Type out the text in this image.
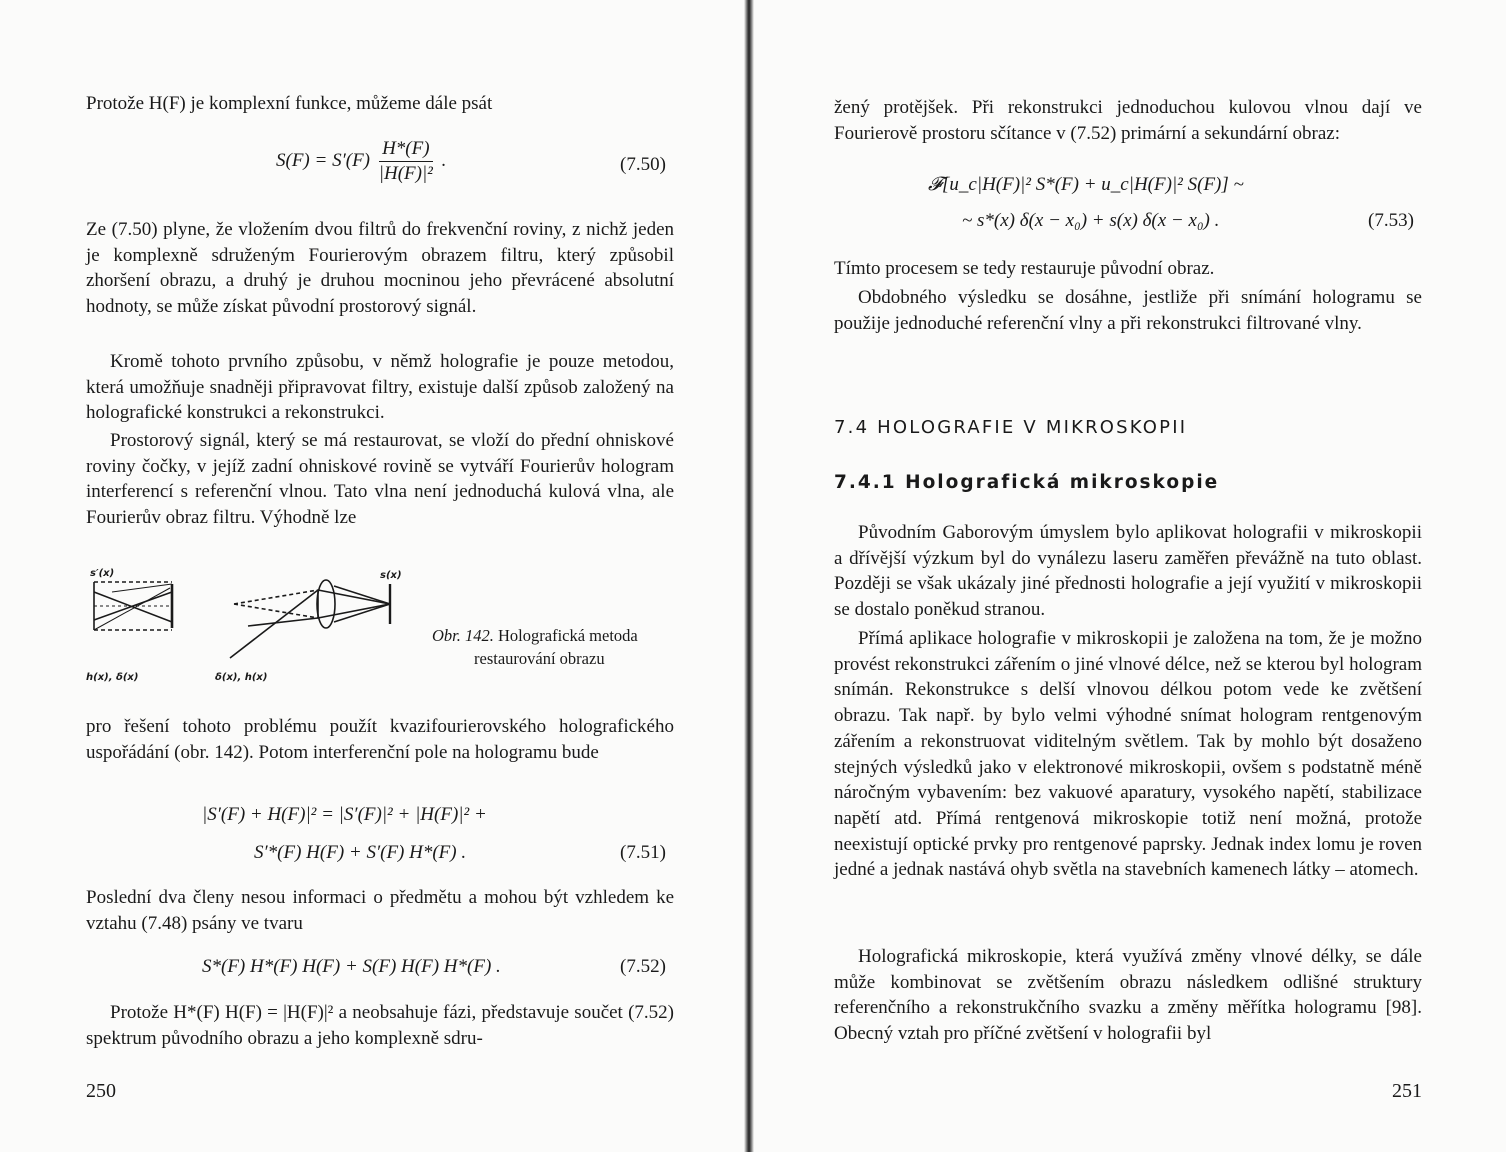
Protože H(F) je komplexní funkce, můžeme dále psát

$S(F) = S'(F) \frac{H*(F)}{\text{|H(F)|²}}$ .	(7.50)

Ze (7.50) plyne, že vložením dvou filtrů do frekvenční roviny, z nichž jeden je komplexně sdruženým Fourierovým obrazem filtru, který způsobil zhoršení obrazu, a druhý je druhou mocninou jeho převrácené absolutní hodnoty, se může získat původní prostorový signál.

Kromě tohoto prvního způsobu, v němž holografie je pouze metodou, která umožňuje snadněji připravovat filtry, existuje další způsob založený na holografické konstrukci a rekonstrukci.

Prostorový signál, který se má restaurovat, se vloží do přední ohniskové roviny čočky, v jejíž zadní ohniskové rovině se vytváří Fourierův hologram interferencí s referenční vlnou. Tato vlna není jednoduchá kulová vlna, ale Fourierův obraz filtru. Výhodně lze

s′(x)	s(x)
h(x), δ(x)	δ(x), h(x)
Obr. 142. Holografická metoda
restaurování obrazu

pro řešení tohoto problému použít kvazifourierovského holografického uspořádání (obr. 142). Potom interferenční pole na hologramu bude

|S′(F) + H(F)|² = |S′(F)|² + |H(F)|² +
S′*(F) H(F) + S′(F) H*(F) .	(7.51)

Poslední dva členy nesou informaci o předmětu a mohou být vzhledem ke vztahu (7.48) psány ve tvaru

S*(F) H*(F) H(F) + S(F) H(F) H*(F) .	(7.52)

Protože H*(F) H(F) = |H(F)|² a neobsahuje fázi, představuje součet (7.52) spektrum původního obrazu a jeho komplexně sdru-

250

žený protějšek. Při rekonstrukci jednoduchou kulovou vlnou dají ve Fourierově prostoru sčítance v (7.52) primární a sekundární obraz:

𝓕[u_c|H(F)|² S*(F) + u_c|H(F)|² S(F)] ~
~ s*(x) δ(x − x₀) + s(x) δ(x − x₀) .	(7.53)

Tímto procesem se tedy restauruje původní obraz.

Obdobného výsledku se dosáhne, jestliže při snímání hologramu se použije jednoduché referenční vlny a při rekonstrukci filtrované vlny.

7.4 HOLOGRAFIE V MIKROSKOPII
7.4.1 Holografická mikroskopie

Původním Gaborovým úmyslem bylo aplikovat holografii v mikroskopii a dřívější výzkum byl do vynálezu laseru zaměřen převážně na tuto oblast. Později se však ukázaly jiné přednosti holografie a její využití v mikroskopii se dostalo poněkud stranou.

Přímá aplikace holografie v mikroskopii je založena na tom, že je možno provést rekonstrukci zářením o jiné vlnové délce, než se kterou byl hologram snímán. Rekonstrukce s delší vlnovou délkou potom vede ke zvětšení obrazu. Tak např. by bylo velmi výhodné snímat hologram rentgenovým zářením a rekonstruovat viditelným světlem. Tak by mohlo být dosaženo stejných výsledků jako v elektronové mikroskopii, ovšem s podstatně méně náročným vybavením: bez vakuové aparatury, vysokého napětí, stabilizace napětí atd. Přímá rentgenová mikroskopie totiž není možná, protože neexistují optické prvky pro rentgenové paprsky. Jednak index lomu je roven jedné a jednak nastává ohyb světla na stavebních kamenech látky – atomech.

Holografická mikroskopie, která využívá změny vlnové délky, se dále může kombinovat se zvětšením obrazu následkem odlišné struktury referenčního a rekonstrukčního svazku a změny měřítka hologramu [98]. Obecný vztah pro příčné zvětšení v holografii byl

251
